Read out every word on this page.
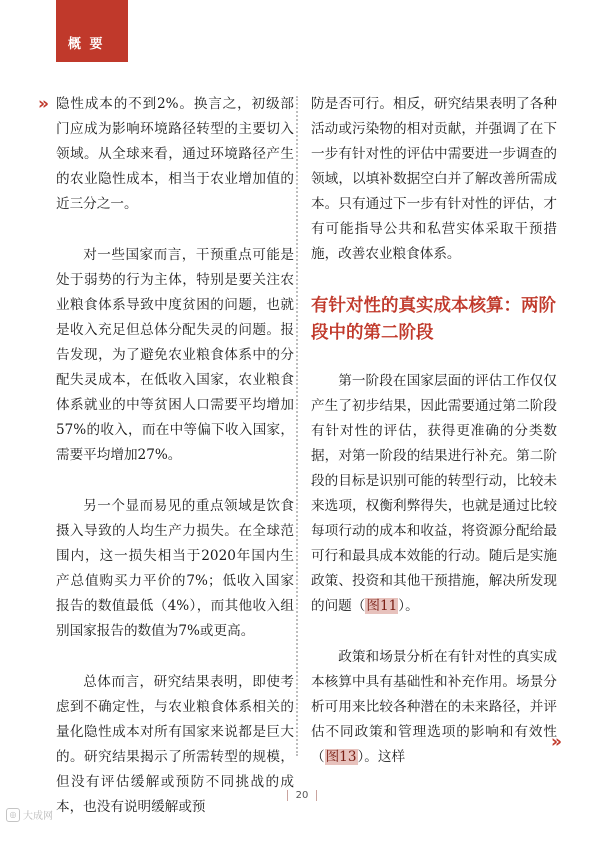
概 要
» 隐性成本的不到2%。换言之，初级部门应成为影响环境路径转型的主要切入领域。从全球来看，通过环境路径产生的农业隐性成本，相当于农业增加值的近三分之一。

对一些国家而言，干预重点可能是处于弱势的行为主体，特别是要关注农业粮食体系导致中度贫困的问题，也就是收入充足但总体分配失灵的问题。报告发现，为了避免农业粮食体系中的分配失灵成本，在低收入国家，农业粮食体系就业的中等贫困人口需要平均增加57%的收入，而在中等偏下收入国家，需要平均增加27%。

另一个显而易见的重点领域是饮食摄入导致的人均生产力损失。在全球范围内，这一损失相当于2020年国内生产总值购买力平价的7%；低收入国家报告的数值最低（4%），而其他收入组别国家报告的数值为7%或更高。

总体而言，研究结果表明，即使考虑到不确定性，与农业粮食体系相关的量化隐性成本对所有国家来说都是巨大的。研究结果揭示了所需转型的规模，但没有评估缓解或预防不同挑战的成本，也没有说明缓解或预

防是否可行。相反，研究结果表明了各种活动或污染物的相对贡献，并强调了在下一步有针对性的评估中需要进一步调查的领域，以填补数据空白并了解改善所需成本。只有通过下一步有针对性的评估，才有可能指导公共和私营实体采取干预措施，改善农业粮食体系。

有针对性的真实成本核算：两阶段中的第二阶段

第一阶段在国家层面的评估工作仅仅产生了初步结果，因此需要通过第二阶段有针对性的评估，获得更准确的分类数据，对第一阶段的结果进行补充。第二阶段的目标是识别可能的转型行动，比较未来选项，权衡利弊得失，也就是通过比较每项行动的成本和收益，将资源分配给最可行和最具成本效能的行动。随后是实施政策、投资和其他干预措施，解决所发现的问题（图11）。

政策和场景分析在有针对性的真实成本核算中具有基础性和补充作用。场景分析可用来比较各种潜在的未来路径，并评估不同政策和管理选项的影响和有效性（图13）。这样

»
20
◎ 大成网
